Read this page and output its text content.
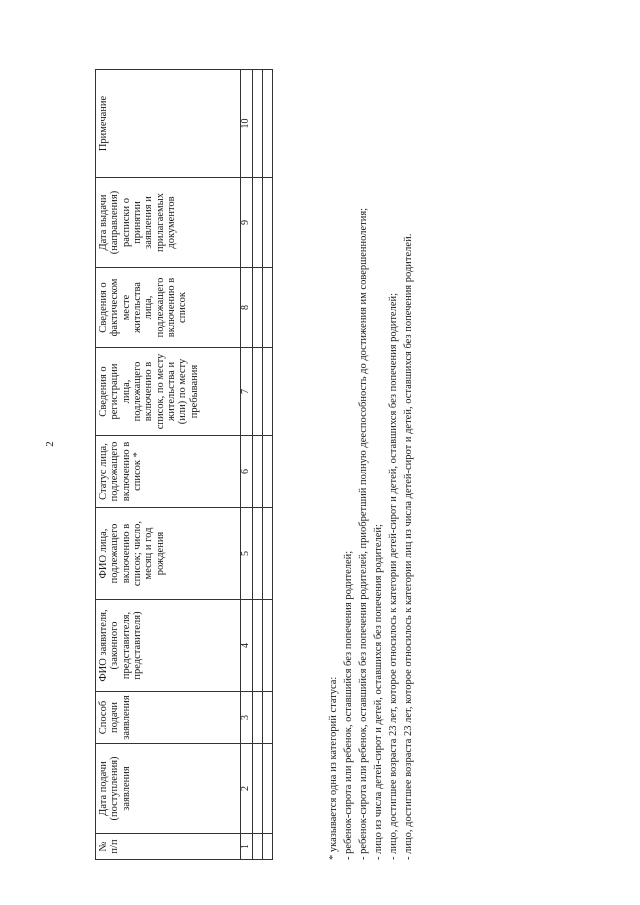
2
№ п/п	Дата подачи (поступления) заявления	Способ подачи заявления	ФИО заявителя, (законного представителя, представителя)	ФИО лица, подлежащего включению в список; число, месяц и год рождения	Статус лица, подлежащего включению в список *	Сведения о регистрации лица, подлежащего включению в список, по месту жительства и (или) по месту пребывания	Сведения о фактическом месте жительства лица, подлежащего включению в список	Дата выдачи (направления) расписки о принятии заявления и прилагаемых документов	Примечание
1	2	3	4	5	6	7	8	9	10

* указывается одна из категорий статуса: - ребенок-сирота или ребенок, оставшийся без попечения родителей; - ребенок-сирота или ребенок, оставшийся без попечения родителей, приобретший полную дееспособность до достижения им совершеннолетия; - лицо из числа детей-сирот и детей, оставшихся без попечения родителей; - лицо, достигшее возраста 23 лет, которое относилось к категории детей-сирот и детей, оставшихся без попечения родителей; - лицо, достигшее возраста 23 лет, которое относилось к категории лиц из числа детей-сирот и детей, оставшихся без попечения родителей.
